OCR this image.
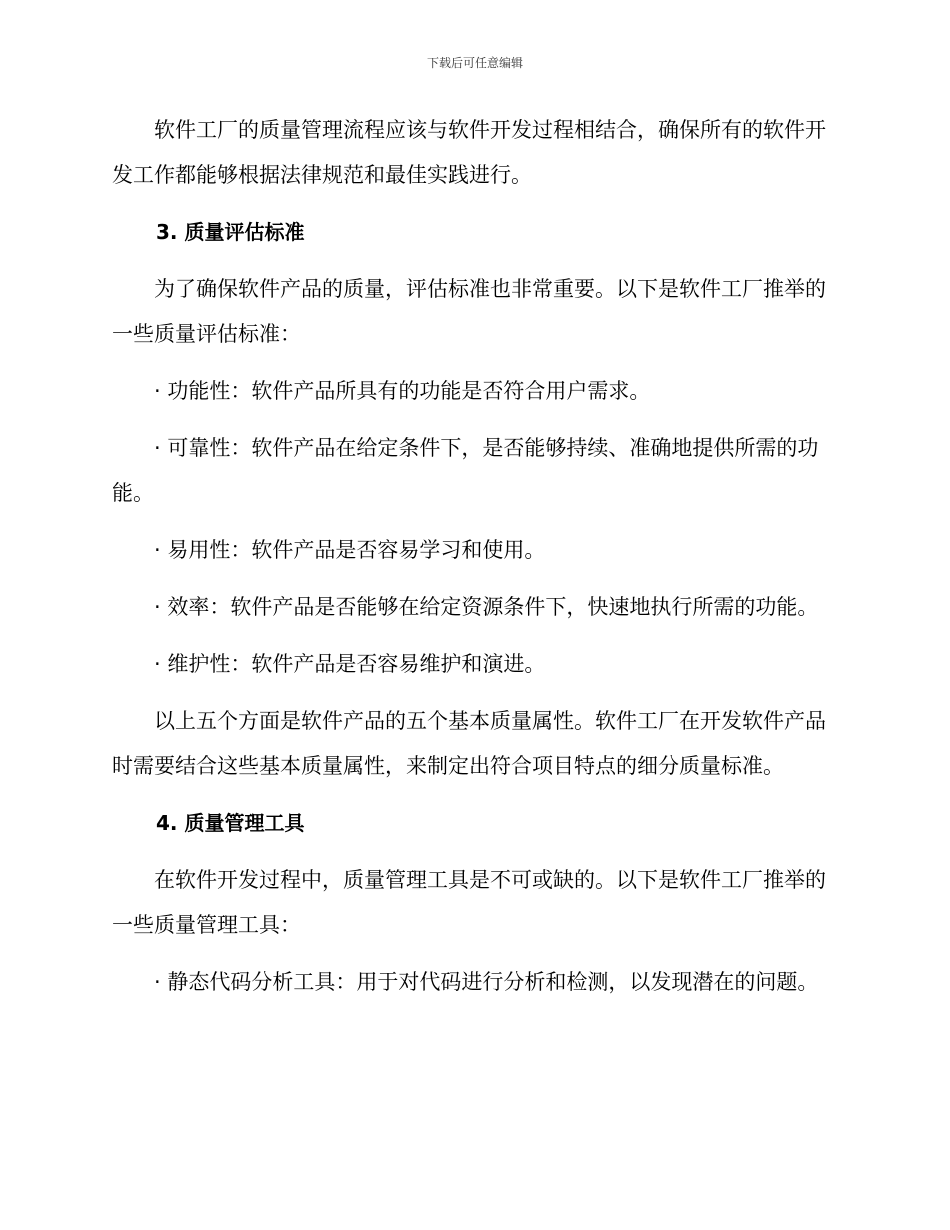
下载后可任意编辑

软件工厂的质量管理流程应该与软件开发过程相结合，确保所有的软件开发工作都能够根据法律规范和最佳实践进行。

3. 质量评估标准

为了确保软件产品的质量，评估标准也非常重要。以下是软件工厂推举的一些质量评估标准：

· 功能性：软件产品所具有的功能是否符合用户需求。

· 可靠性：软件产品在给定条件下，是否能够持续、准确地提供所需的功能。

· 易用性：软件产品是否容易学习和使用。

· 效率：软件产品是否能够在给定资源条件下，快速地执行所需的功能。

· 维护性：软件产品是否容易维护和演进。

以上五个方面是软件产品的五个基本质量属性。软件工厂在开发软件产品时需要结合这些基本质量属性，来制定出符合项目特点的细分质量标准。

4. 质量管理工具

在软件开发过程中，质量管理工具是不可或缺的。以下是软件工厂推举的一些质量管理工具：

· 静态代码分析工具：用于对代码进行分析和检测，以发现潜在的问题。
